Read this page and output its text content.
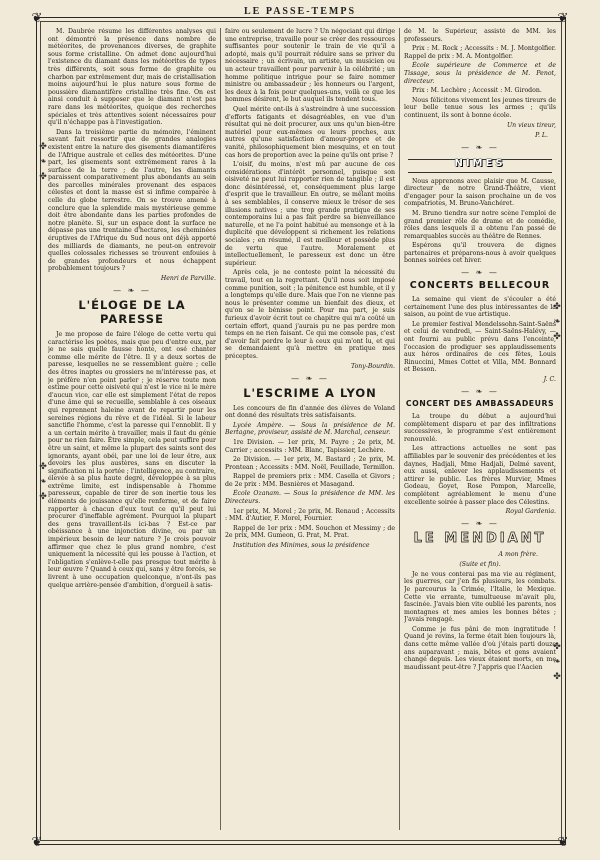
LE PASSE-TEMPS
❦	❦
❦	❦
✤
❧
✤
✤
❧
✤
✤
❧
✤
✤
❧
✤

M. Daubrée résume les différentes analyses qui ont démontré la présence dans nombre de météorites, de provenances diverses, de graphite sous forme cristalline. On admet donc aujourd'hui l'existence du diamant dans les météorites de types très différents, soit sous forme de graphite ou charbon par extrêmement dur, mais de cristallisation moins aujourd'hui le plus nature sous forme de poussière diamantifère cristalline très fine. On est ainsi conduit à supposer que le diamant n'est pas rare dans les météorites, quoique des recherches spéciales et très attentives soient nécessaires pour qu'il n'échappe pas à l'investigation.

Dans la troisième partie du mémoire, l'éminent savant fait ressortir que de grandes analogies existent entre la nature des gisements diamantifères de l'Afrique australe et celles des météorites. D'une part, les gisements sont extrêmement rares à la surface de la terre ; de l'autre, les diamants paraissent comparativement plus abondants au sein des parcelles minérales provenant des espaces célestes et dont la masse est si infime comparée à celle du globe terrestre. On se trouve amené à conclure que la splendide mais mystérieuse gemme doit être abondante dans les parties profondes de notre planète. Si, sur un espace dont la surface ne dépasse pas une trentaine d'hectares, les cheminées éruptives de l'Afrique du Sud nous ont déjà apporté des milliards de diamants, ne peut-on entrevoir quelles colossales richesses se trouvent enfouies à de grandes profondeurs et nous échappent probablement toujours ?

Henri de Parville.
— ❧ —
L'ÉLOGE DE LA PARESSE

Je me propose de faire l'éloge de cette vertu qui caractérise les poètes, mais que peu d'entre eux, par je ne sais quelle fausse honte, ont osé chanter comme elle mérite de l'être. Il y a deux sortes de paresse, lesquelles ne se ressemblent guère ; celle des êtres inaptes ou grossiers ne m'intéresse pas, et je préfère n'en point parler ; je réserve toute mon estime pour cette oisiveté qui n'est le vice ni le mère d'aucun vice, car elle est simplement l'état de repos d'une âme qui se recueille, semblable à ces oiseaux qui reprennent haleine avant de repartir pour les sereines régions du rêve et de l'idéal. Si le labeur sanctifie l'homme, c'est la paresse qui l'ennoblit. Il y a un certain mérite à travailler, mais il faut du génie pour ne rien faire. Être simple, cela peut suffire pour être un saint, et même la plupart des saints sont des ignorants, ayant obéi, par une loi de leur être, aux devoirs les plus austères, sans en discuter la signification ni la portée ; l'intelligence, au contraire, élevée à sa plus haute degré, développée à sa plus extrême limite, est indispensable à l'homme paresseux, capable de tirer de son inertie tous les éléments de jouissance qu'elle renferme, et de faire rapporter à chacun d'eux tout ce qu'il peut lui procurer d'ineffable agrément. Pourquoi la plupart des gens travaillent-ils ici-bas ? Est-ce par obéissance à une injonction divine, ou par un impérieux besoin de leur nature ? Je crois pouvoir affirmer que chez le plus grand nombre, c'est uniquement la nécessité qui les pousse à l'action, et l'obligation s'enlève-t-elle pas presque tout mérite à leur œuvre ? Quand à ceux qui, sans y être forcés, se livrent à une occupation quelconque, n'ont-ils pas quelque arrière-pensée d'ambition, d'orgueil à satis-

faire ou seulement de lucre ? Un négociant qui dirige une entreprise, travaille pour se créer des ressources suffisantes pour soutenir le train de vie qu'il a adopté, mais qu'il pourrait réduire sans se priver du nécessaire ; un écrivain, un artiste, un musicien ou un acteur travaillent pour parvenir à la célébrité ; un homme politique intrigue pour se faire nommer ministre ou ambassadeur ; les honneurs ou l'argent, les deux à la fois pour quelques-uns, voilà ce que les hommes désirent, le but auquel ils tendent tous.

Quel mérite ont-ils à s'astreindre à une succession d'efforts fatigants et désagréables, en vue d'un résultat qui ne doit procurer, aux uns qu'un bien-être matériel pour eux-mêmes ou leurs proches, aux autres qu'une satisfaction d'amour-propre et de vanité, philosophiquement bien mesquins, et en tout cas hors de proportion avec la peine qu'ils ont prise ?

L'oisif, du moins, n'est mû par aucune de ces considérations d'intérêt personnel, puisque son oisiveté ne peut lui rapporter rien de tangible ; il est donc désintéressé, et, conséquemment plus large d'esprit que le travailleur. En outre, se mêlant moins à ses semblables, il conserve mieux le trésor de ses illusions natives ; une trop grande pratique de ses contemporains lui a pas fait perdre sa bienveillance naturelle, et ne l'a point habitué au mensonge et à la duplicité que développent si richement les relations sociales ; en résumé, il est meilleur et possède plus de vertu que l'autre. Moralement et intellectuellement, le paresseux est donc un être supérieur.

Après cela, je ne conteste point la nécessité du travail, tout en la regrettant. Qu'il nous soit imposé comme punition, soit ; la pénitence est humble, et il y a longtemps qu'elle dure. Mais que l'on ne vienne pas nous le présenter comme un bienfait des dieux, et qu'on se le bénisse point. Pour ma part, je suis furieux d'avoir écrit tout ce chapitre qui m'a coûté un certain effort, quand j'aurais pu ne pas perdre mon temps en ne rien faisant. Ce qui me console pas, c'est d'avoir fait perdre le leur à ceux qui m'ont lu, et qui se demandaient qu'à mettre en pratique mes préceptes.

Tony-Bourdin.
— ❧ —
L'ESCRIME A LYON

Les concours de fin d'année des élèves de Voland ont donné des résultats très satisfaisants.

Lycée Ampère. — Sous la présidence de M. Bertagne, proviseur, assisté de M. Marchal, censeur.

1re Division. — 1er prix, M. Payre ; 2e prix, M. Carrier ; accessits : MM. Blanc, Tapissier, Lechère.

2e Division. — 1er prix, M. Bastard ; 2e prix, M. Prontean ; Accessits : MM. Noël, Feuillade, Termillon.

Rappel de premiers prix : MM. Casella et Givors ; de 2e prix : MM. Besnières et Masagand.

École Ozanam. — Sous la présidence de MM. les Directeurs.

1er prix, M. Morel ; 2e prix, M. Renaud ; Accessits : MM. d'Autier, F. Morel, Fournier.

Rappel de 1er prix : MM. Souchon et Messimy ; de 2e prix, MM. Gumeon, G. Prat, M. Prat.

Institution des Minimes, sous la présidence

de M. le Supérieur, assisté de MM. les professeurs.

Prix : M. Rock ; Accessits : M. J. Montgolfier. Rappel de prix : M. A. Montgolfier.

École supérieure de Commerce et de Tissage, sous la présidence de M. Penot, directeur.

Prix : M. Lechère ; Accessit : M. Girodon.

Nous félicitons vivement les jeunes tireurs de leur belle tenue sous les armes ; qu'ils continuent, ils sont à bonne école.

Un vieux tireur,
P. L.
— ❧ —
NIMES

Nous apprenons avec plaisir que M. Causse, directeur de notre Grand-Théâtre, vient d'engager pour la saison prochaine un de vos compatriotes, M. Bruno-Vanchéret.

M. Bruno tiendra sur notre scène l'emploi de grand premier rôle de drame et de comédie, rôles dans lesquels il a obtenu l'an passé de remarquables succès au théâtre de Rennes.

Espérons qu'il trouvera de dignes partenaires et préparons-nous à avoir quelques bonnes soirées cet hiver.

— ❧ —
CONCERTS BELLECOUR

La semaine qui vient de s'écouler a été certainement l'une des plus intéressantes de la saison, au point de vue artistique.

Le premier festival Mendelssohn-Saint-Saëns et celui de vendredi, — Saint-Saëns-Halévy, — ont fourni au public prévu dans l'enceinte, l'occasion de prodiguer ses applaudissements aux héros ordinaires de ces fêtes, Louis Rinuccini, Mmes Cottet et Villa, MM. Bonnard et Besson.

J. C.
— ❧ —
CONCERT DES AMBASSADEURS

La troupe du début a aujourd'hui complètement disparu et par des infiltrations successives, le programme s'est entièrement renouvelé.

Les attractions actuelles ne sont pas affiliables par le souvenir des précédentes et les daynes, Hadjali, Mme Hadjali, Delmé savent, eux aussi, enlever les applaudissements et attirer le public. Les frères Murvier, Mmes Godeau, Goyet, Rose Pompon, Marcelle, complétent agréablement le menu d'une excellente soirée à passer place des Célestins.

Royal Gardenia.
— ❧ —
LE MENDIANT
A mon frère.

(Suite et fin).

Je ne vous conterai pas ma vie au régiment, les guerres, car j'en fis plusieurs, les combats. Je parcourus la Crimée, l'Italie, le Mexique. Cette vie errante, tumultueuse m'avait plu, fascinée. J'avais bien vite oublié les parents, nos montagnes et mes amies les bonnes bêtes ; J'avais rengagé.

Comme je fus pâni de mon ingratitude ! Quand je revins, la ferme était bien toujours là, dans cette même vallée d'où j'étais parti douze ans auparavant ; mais, bêtes et gens avaient changé depuis. Les vieux étaient morts, en me maudissant peut-être ? J'appris que l'Aacien
